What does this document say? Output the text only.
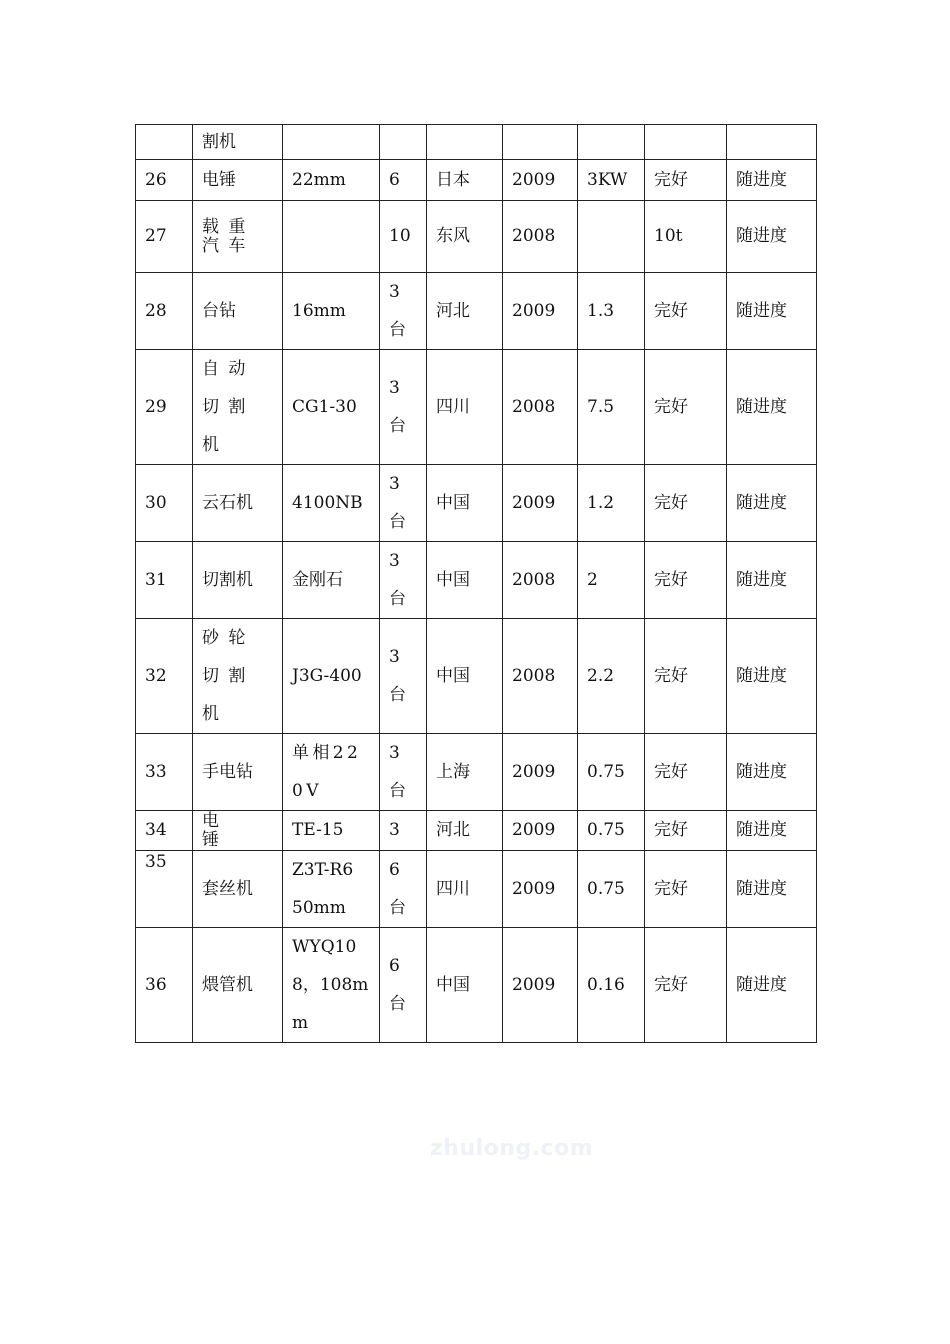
	割机							
26	电锤	22mm	6	日本	2009	3KW	完好	随进度
27	载重汽车		10	东风	2008		10t	随进度
28	台钻	16mm	3台	河北	2009	1.3	完好	随进度
29	自动切割机	CG1-30	3台	四川	2008	7.5	完好	随进度
30	云石机	4100NB	3台	中国	2009	1.2	完好	随进度
31	切割机	金刚石	3台	中国	2008	2	完好	随进度
32	砂轮切割机	J3G-400	3台	中国	2008	2.2	完好	随进度
33	手电钻	单相220V	3台	上海	2009	0.75	完好	随进度
34	电锤	TE-15	3	河北	2009	0.75	完好	随进度
35	套丝机	Z3T-R650mm	6台	四川	2009	0.75	完好	随进度
36	煨管机	WYQ108，108mm	6台	中国	2009	0.16	完好	随进度
zhulong.com
